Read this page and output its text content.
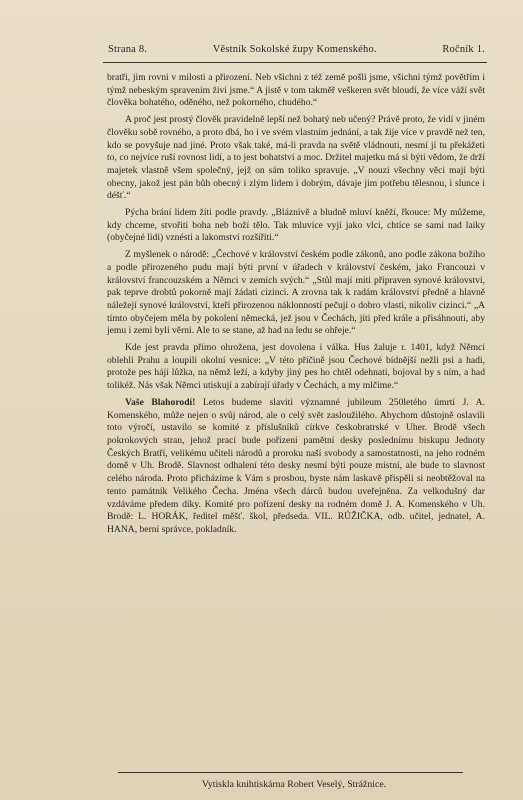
Strana 8.	Věstník Sokolské župy Komenského.	Ročník 1.

bratři, jim rovni v milosti a přirození. Neb všichni z též země pošli jsme, všichni týmž povětřím i týmž nebeským spravením živi jsme.“ A jistě v tom takměř veškeren svět bloudí, že více váží svět člověka bohatého, oděného, než pokorného, chudého.“

A proč jest prostý člověk pravidelně lepší než bohatý neb učený? Právě proto, že vidí v jiném člověku sobě rovného, a proto dbá, ho i ve svém vlastním jednání, a tak žije více v pravdě než ten, kdo se povyšuje nad jiné. Proto však také, má-li pravda na světě vládnouti, nesmí jí tu překážeti to, co nejvíce ruší rovnost lidí, a to jest bohatství a moc. Držitel majetku má si býti vědom, že drží majetek vlastně všem společný, jejž on sám toliko spravuje. „V nouzi všechny věci mají býti obecny, jakož jest pán bůh obecný i zlým lidem i dobrým, dávaje jim potřebu tělesnou, i slunce i déšť.“

Pýcha brání lidem žíti podle pravdy. „Bláznivě a bludně mluví kněží, řkouce: My můžeme, kdy chceme, stvořiti boha neb boží tělo. Tak mluvíce vyjí jako vlci, chtíce se sami nad laiky (obyčejné lidi) vznésti a lakomství rozšířiti.“

Z myšlenek o národě: „Čechové v království českém podle zákonů, ano podle zákona božího a podle přirozeného pudu mají býti první v úřadech v království českém, jako Francouzi v království francouzském a Němci v zemích svých.“ „Stůl mají míti připraven synové království, pak teprve drobtů pokorně mají žádati cizinci. A zrovna tak k radám království předně a hlavně náležejí synové království, kteří přirozenou náklonností pečují o dobro vlasti, nikoliv cizinci.“ „A tímto obyčejem měla by pokolení německá, jež jsou v Čechách, jíti před krále a přisáhnouti, aby jemu i zemi byli věrni. Ale to se stane, až had na ledu se ohřeje.“

Kde jest pravda přímo ohrožena, jest dovolena i válka. Hus žaluje r. 1401, když Němci oblehli Prahu a loupili okolní vesnice: „V této příčině jsou Čechové bídnější nežli psi a hadi, protože pes hájí lůžka, na němž leží, a kdyby jiný pes ho chtěl odehnati, bojoval by s ním, a had tolikéž. Nás však Němci utiskují a zabírají úřady v Čechách, a my mlčíme.“

Vaše Blahorodí! Letos budeme slaviti významné jubileum 250letého úmrtí J. A. Komenského, může nejen o svůj národ, ale o celý svět zasloužilého. Abychom důstojně oslavili toto výročí, ustavilo se komité z příslušníků církve českobratrské v Uher. Brodě všech pokrokových stran, jehož prací bude pořízení pamětní desky poslednímu biskupu Jednoty Českých Bratří, velikému učiteli národů a proroku naší svobody a samostatnosti, na jeho rodném domě v Uh. Brodě. Slavnost odhalení této desky nesmí býti pouze místní, ale bude to slavnost celého národa. Proto přicházíme k Vám s prosbou, byste nám laskavě přispěli si neobtěžoval na tento památník Velikého Čecha. Jména všech dárců budou uveřejněna. Za velkodušný dar vzdáváme předem díky. Komité pro pořízení desky na rodném domě J. A. Komenského v Uh. Brodě: L. HORÁK, ředitel měšť. škol, předseda. VIL. RŮŽIČKA, odb. učitel, jednatel, A. HANA, berní správce, pokladník.

Vytiskla knihtiskárna Robert Veselý, Strážnice.
